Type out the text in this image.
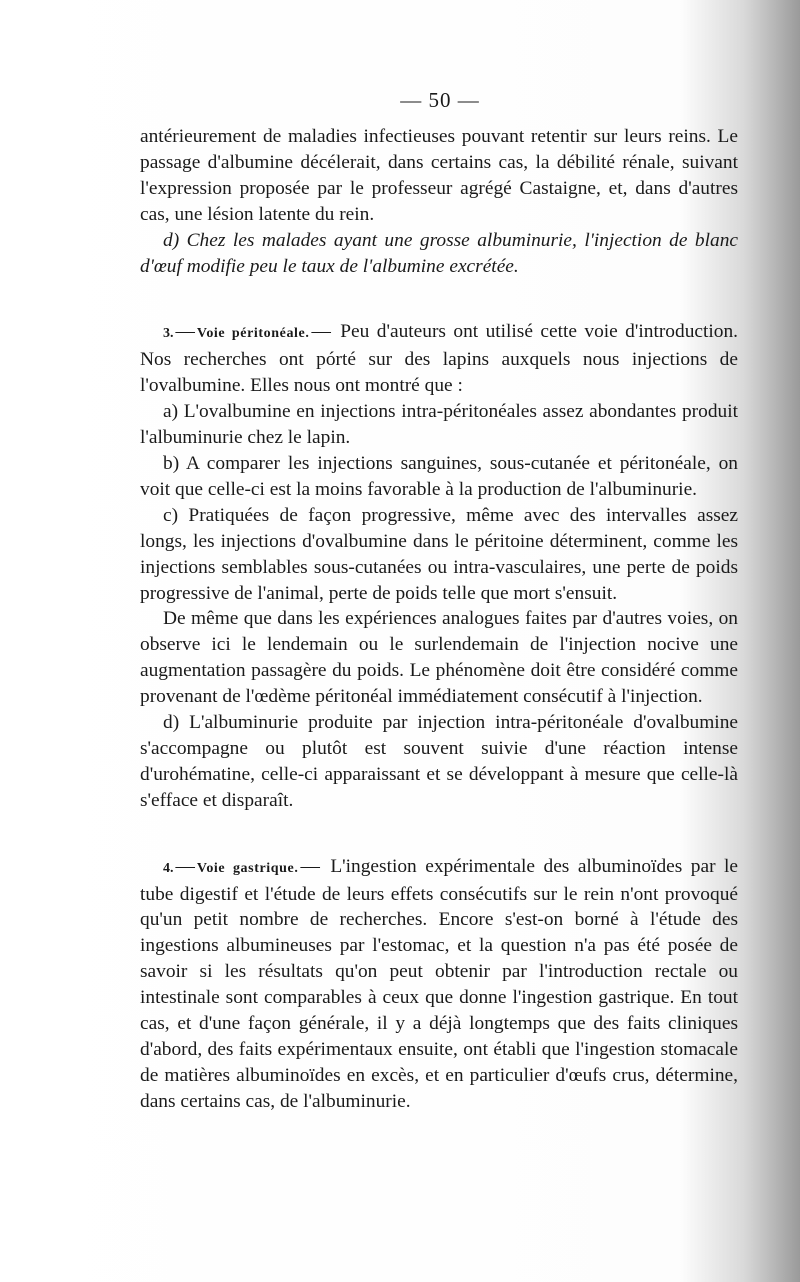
— 50 —

antérieurement de maladies infectieuses pouvant retentir sur leurs reins. Le passage d'albumine décélerait, dans certains cas, la débilité rénale, suivant l'expression proposée par le professeur agrégé Castaigne, et, dans d'autres cas, une lésion latente du rein.

d) Chez les malades ayant une grosse albuminurie, l'injection de blanc d'œuf modifie peu le taux de l'albumine excrétée.

3. — Voie péritonéale. — Peu d'auteurs ont utilisé cette voie d'introduction. Nos recherches ont pórté sur des lapins auxquels nous injections de l'ovalbumine. Elles nous ont montré que :

a) L'ovalbumine en injections intra-péritonéales assez abondantes produit l'albuminurie chez le lapin.

b) A comparer les injections sanguines, sous-cutanée et péritonéale, on voit que celle-ci est la moins favorable à la production de l'albuminurie.

c) Pratiquées de façon progressive, même avec des intervalles assez longs, les injections d'ovalbumine dans le péritoine déterminent, comme les injections semblables sous-cutanées ou intra-vasculaires, une perte de poids progressive de l'animal, perte de poids telle que mort s'ensuit.

De même que dans les expériences analogues faites par d'autres voies, on observe ici le lendemain ou le surlendemain de l'injection nocive une augmentation passagère du poids. Le phénomène doit être considéré comme provenant de l'œdème péritonéal immédiatement consécutif à l'injection.

d) L'albuminurie produite par injection intra-péritonéale d'ovalbumine s'accompagne ou plutôt est souvent suivie d'une réaction intense d'urohématine, celle-ci apparaissant et se développant à mesure que celle-là s'efface et disparaît.

4. — Voie gastrique. — L'ingestion expérimentale des albuminoïdes par le tube digestif et l'étude de leurs effets consécutifs sur le rein n'ont provoqué qu'un petit nombre de recherches. Encore s'est-on borné à l'étude des ingestions albumineuses par l'estomac, et la question n'a pas été posée de savoir si les résultats qu'on peut obtenir par l'introduction rectale ou intestinale sont comparables à ceux que donne l'ingestion gastrique. En tout cas, et d'une façon générale, il y a déjà longtemps que des faits cliniques d'abord, des faits expérimentaux ensuite, ont établi que l'ingestion stomacale de matières albuminoïdes en excès, et en particulier d'œufs crus, détermine, dans certains cas, de l'albuminurie.
